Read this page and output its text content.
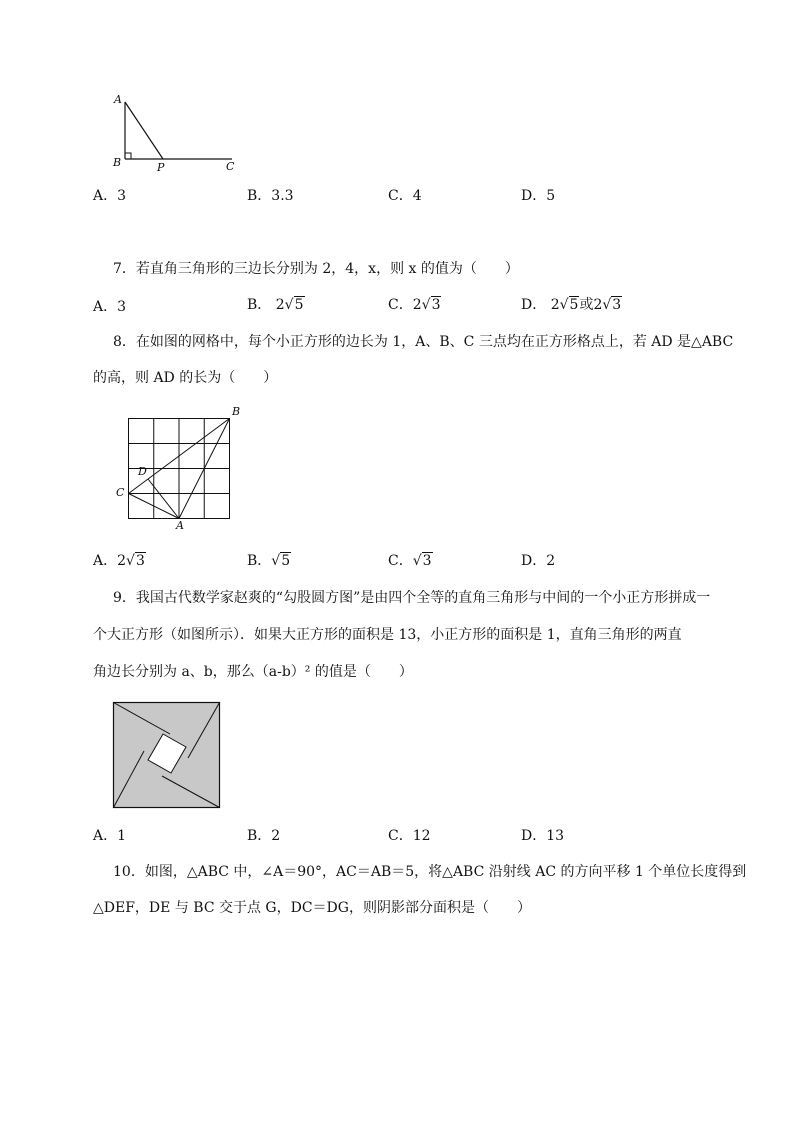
A
B	P	C
A．3	B．3.3	C．4	D．5
7．若直角三角形的三边长分别为 2，4，x，则 x 的值为（　　）
A．3	B． 2√5	C．2√3	D． 2√5或2√3
8．在如图的网格中，每个小正方形的边长为 1，A、B、C 三点均在正方形格点上，若 AD 是△ABC
的高，则 AD 的长为（　　）
B
D
C
A
A．2√3	B．√5	C．√3	D．2
9．我国古代数学家赵爽的“勾股圆方图”是由四个全等的直角三角形与中间的一个小正方形拼成一
个大正方形（如图所示）．如果大正方形的面积是 13，小正方形的面积是 1，直角三角形的两直
角边长分别为 a、b，那么（a-b）² 的值是（　　）
A．1	B．2	C．12	D．13
10．如图，△ABC 中，∠A＝90°，AC＝AB＝5，将△ABC 沿射线 AC 的方向平移 1 个单位长度得到
△DEF，DE 与 BC 交于点 G，DC＝DG，则阴影部分面积是（　　）
